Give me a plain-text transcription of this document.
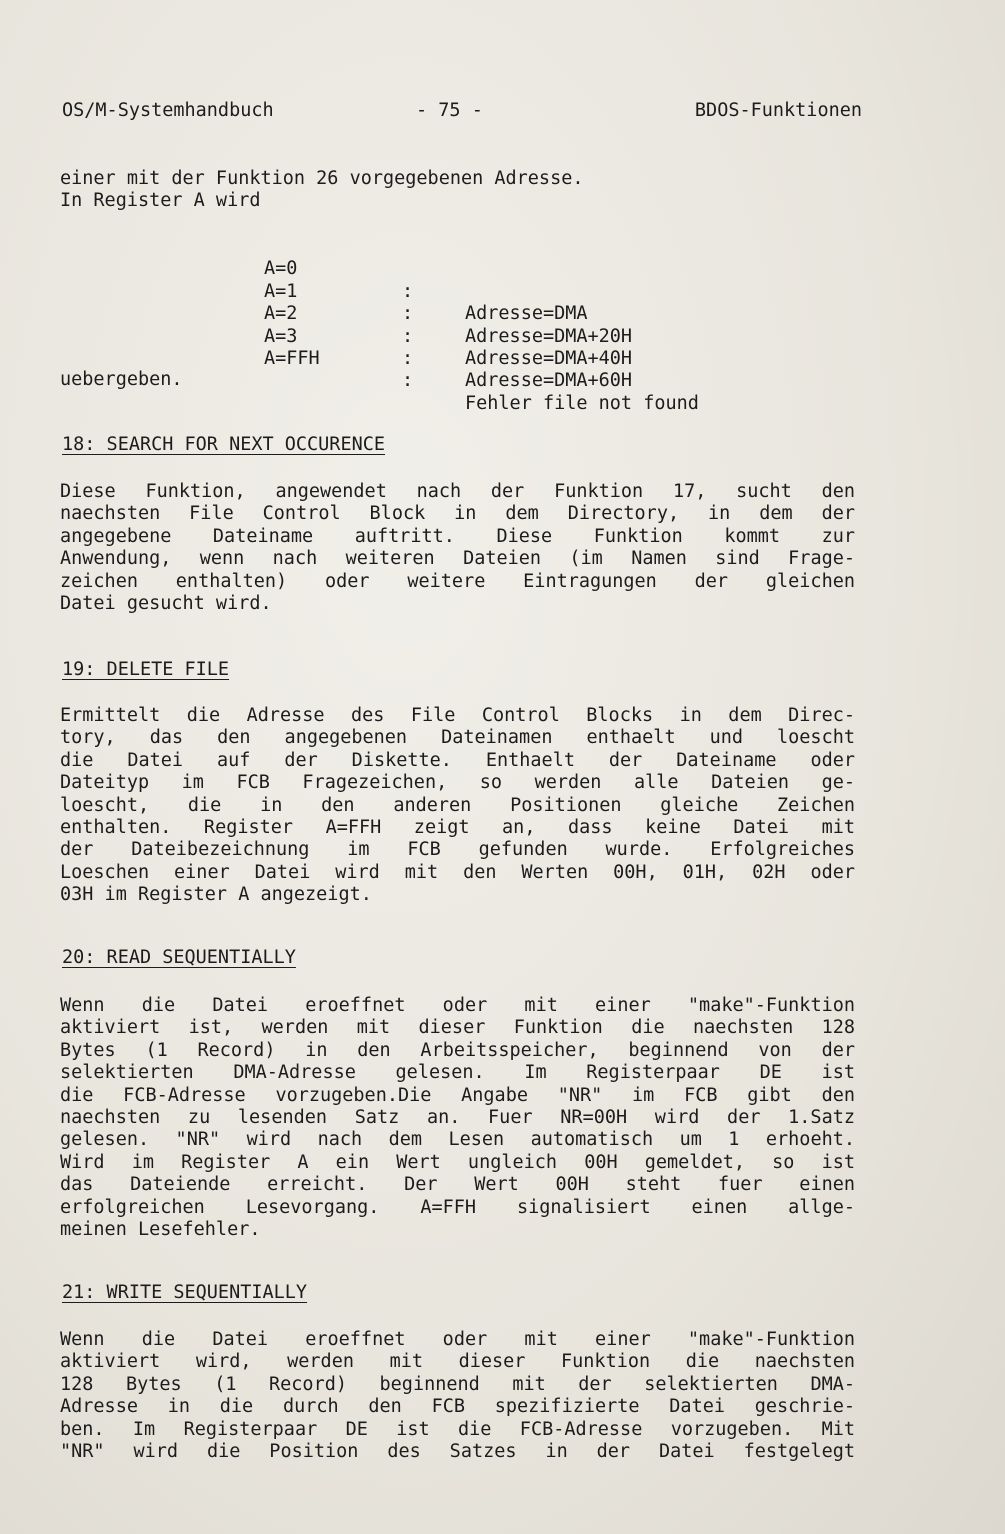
OS/M-Systemhandbuch	- 75 -	BDOS-Funktionen
einer mit der Funktion 26 vorgegebenen Adresse.
In Register A wird

A=0

:

Adresse=DMA

A=1

:

Adresse=DMA+20H

A=2

:

Adresse=DMA+40H

A=3

:

Adresse=DMA+60H

A=FFH

:

Fehler file not found

uebergeben.
18: SEARCH FOR NEXT OCCURENCE
Diese Funktion, angewendet nach der Funktion 17, sucht den
naechsten File Control Block in dem Directory, in dem der
angegebene Dateiname auftritt. Diese Funktion kommt zur
Anwendung, wenn nach weiteren Dateien (im Namen sind Frage-
zeichen enthalten) oder weitere Eintragungen der gleichen
Datei gesucht wird.
19: DELETE FILE
Ermittelt die Adresse des File Control Blocks in dem Direc-
tory, das den angegebenen Dateinamen enthaelt und loescht
die Datei auf der Diskette. Enthaelt der Dateiname oder
Dateityp im FCB Fragezeichen, so werden alle Dateien ge-
loescht, die in den anderen Positionen gleiche Zeichen
enthalten. Register A=FFH zeigt an, dass keine Datei mit
der Dateibezeichnung im FCB gefunden wurde. Erfolgreiches
Loeschen einer Datei wird mit den Werten 00H, 01H, 02H oder
03H im Register A angezeigt.
20: READ SEQUENTIALLY
Wenn die Datei eroeffnet oder mit einer "make"-Funktion
aktiviert ist, werden mit dieser Funktion die naechsten 128
Bytes (1 Record) in den Arbeitsspeicher, beginnend von der
selektierten DMA-Adresse gelesen. Im Registerpaar DE ist
die FCB-Adresse vorzugeben.Die Angabe "NR" im FCB gibt den
naechsten zu lesenden Satz an. Fuer NR=00H wird der 1.Satz
gelesen. "NR" wird nach dem Lesen automatisch um 1 erhoeht.
Wird im Register A ein Wert ungleich 00H gemeldet, so ist
das Dateiende erreicht. Der Wert 00H steht fuer einen
erfolgreichen Lesevorgang. A=FFH signalisiert einen allge-
meinen Lesefehler.
21: WRITE SEQUENTIALLY
Wenn die Datei eroeffnet oder mit einer "make"-Funktion
aktiviert wird, werden mit dieser Funktion die naechsten
128 Bytes (1 Record) beginnend mit der selektierten DMA-
Adresse in die durch den FCB spezifizierte Datei geschrie-
ben. Im Registerpaar DE ist die FCB-Adresse vorzugeben. Mit
"NR" wird die Position des Satzes in der Datei festgelegt
